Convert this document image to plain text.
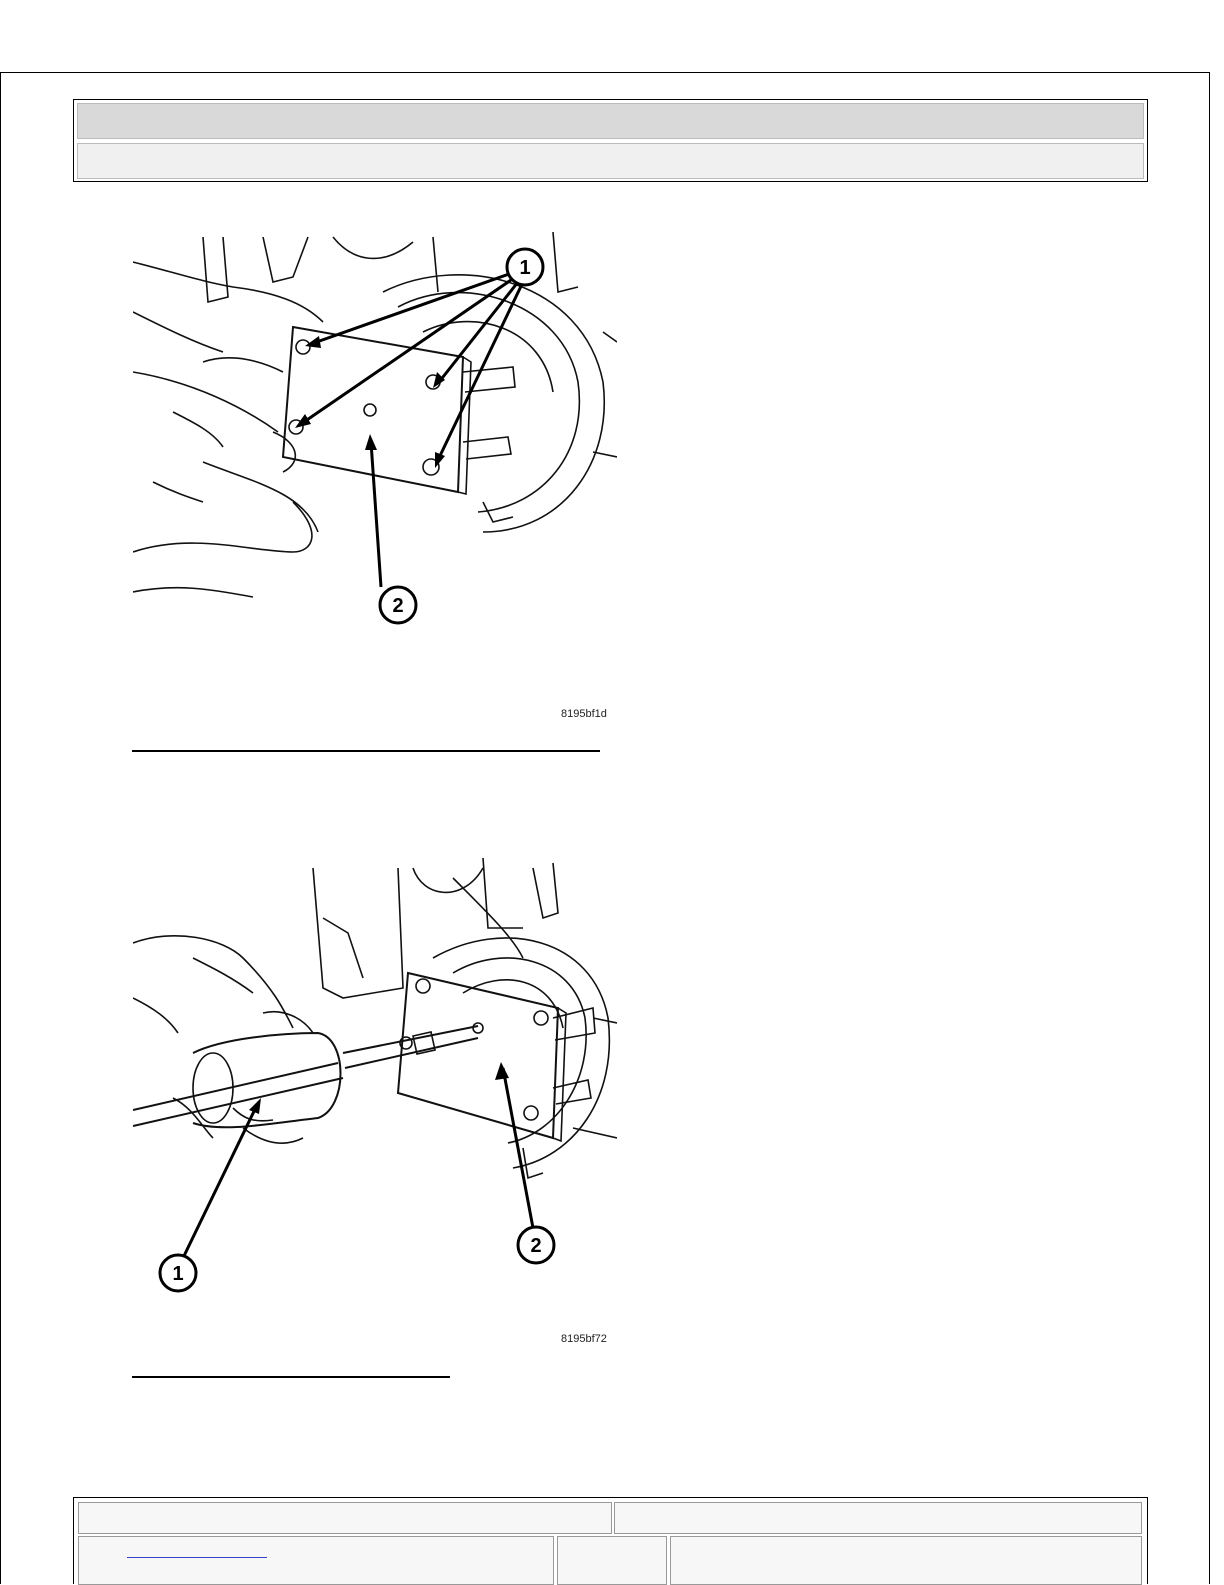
1
2
8195bf1d
1
2
8195bf72
